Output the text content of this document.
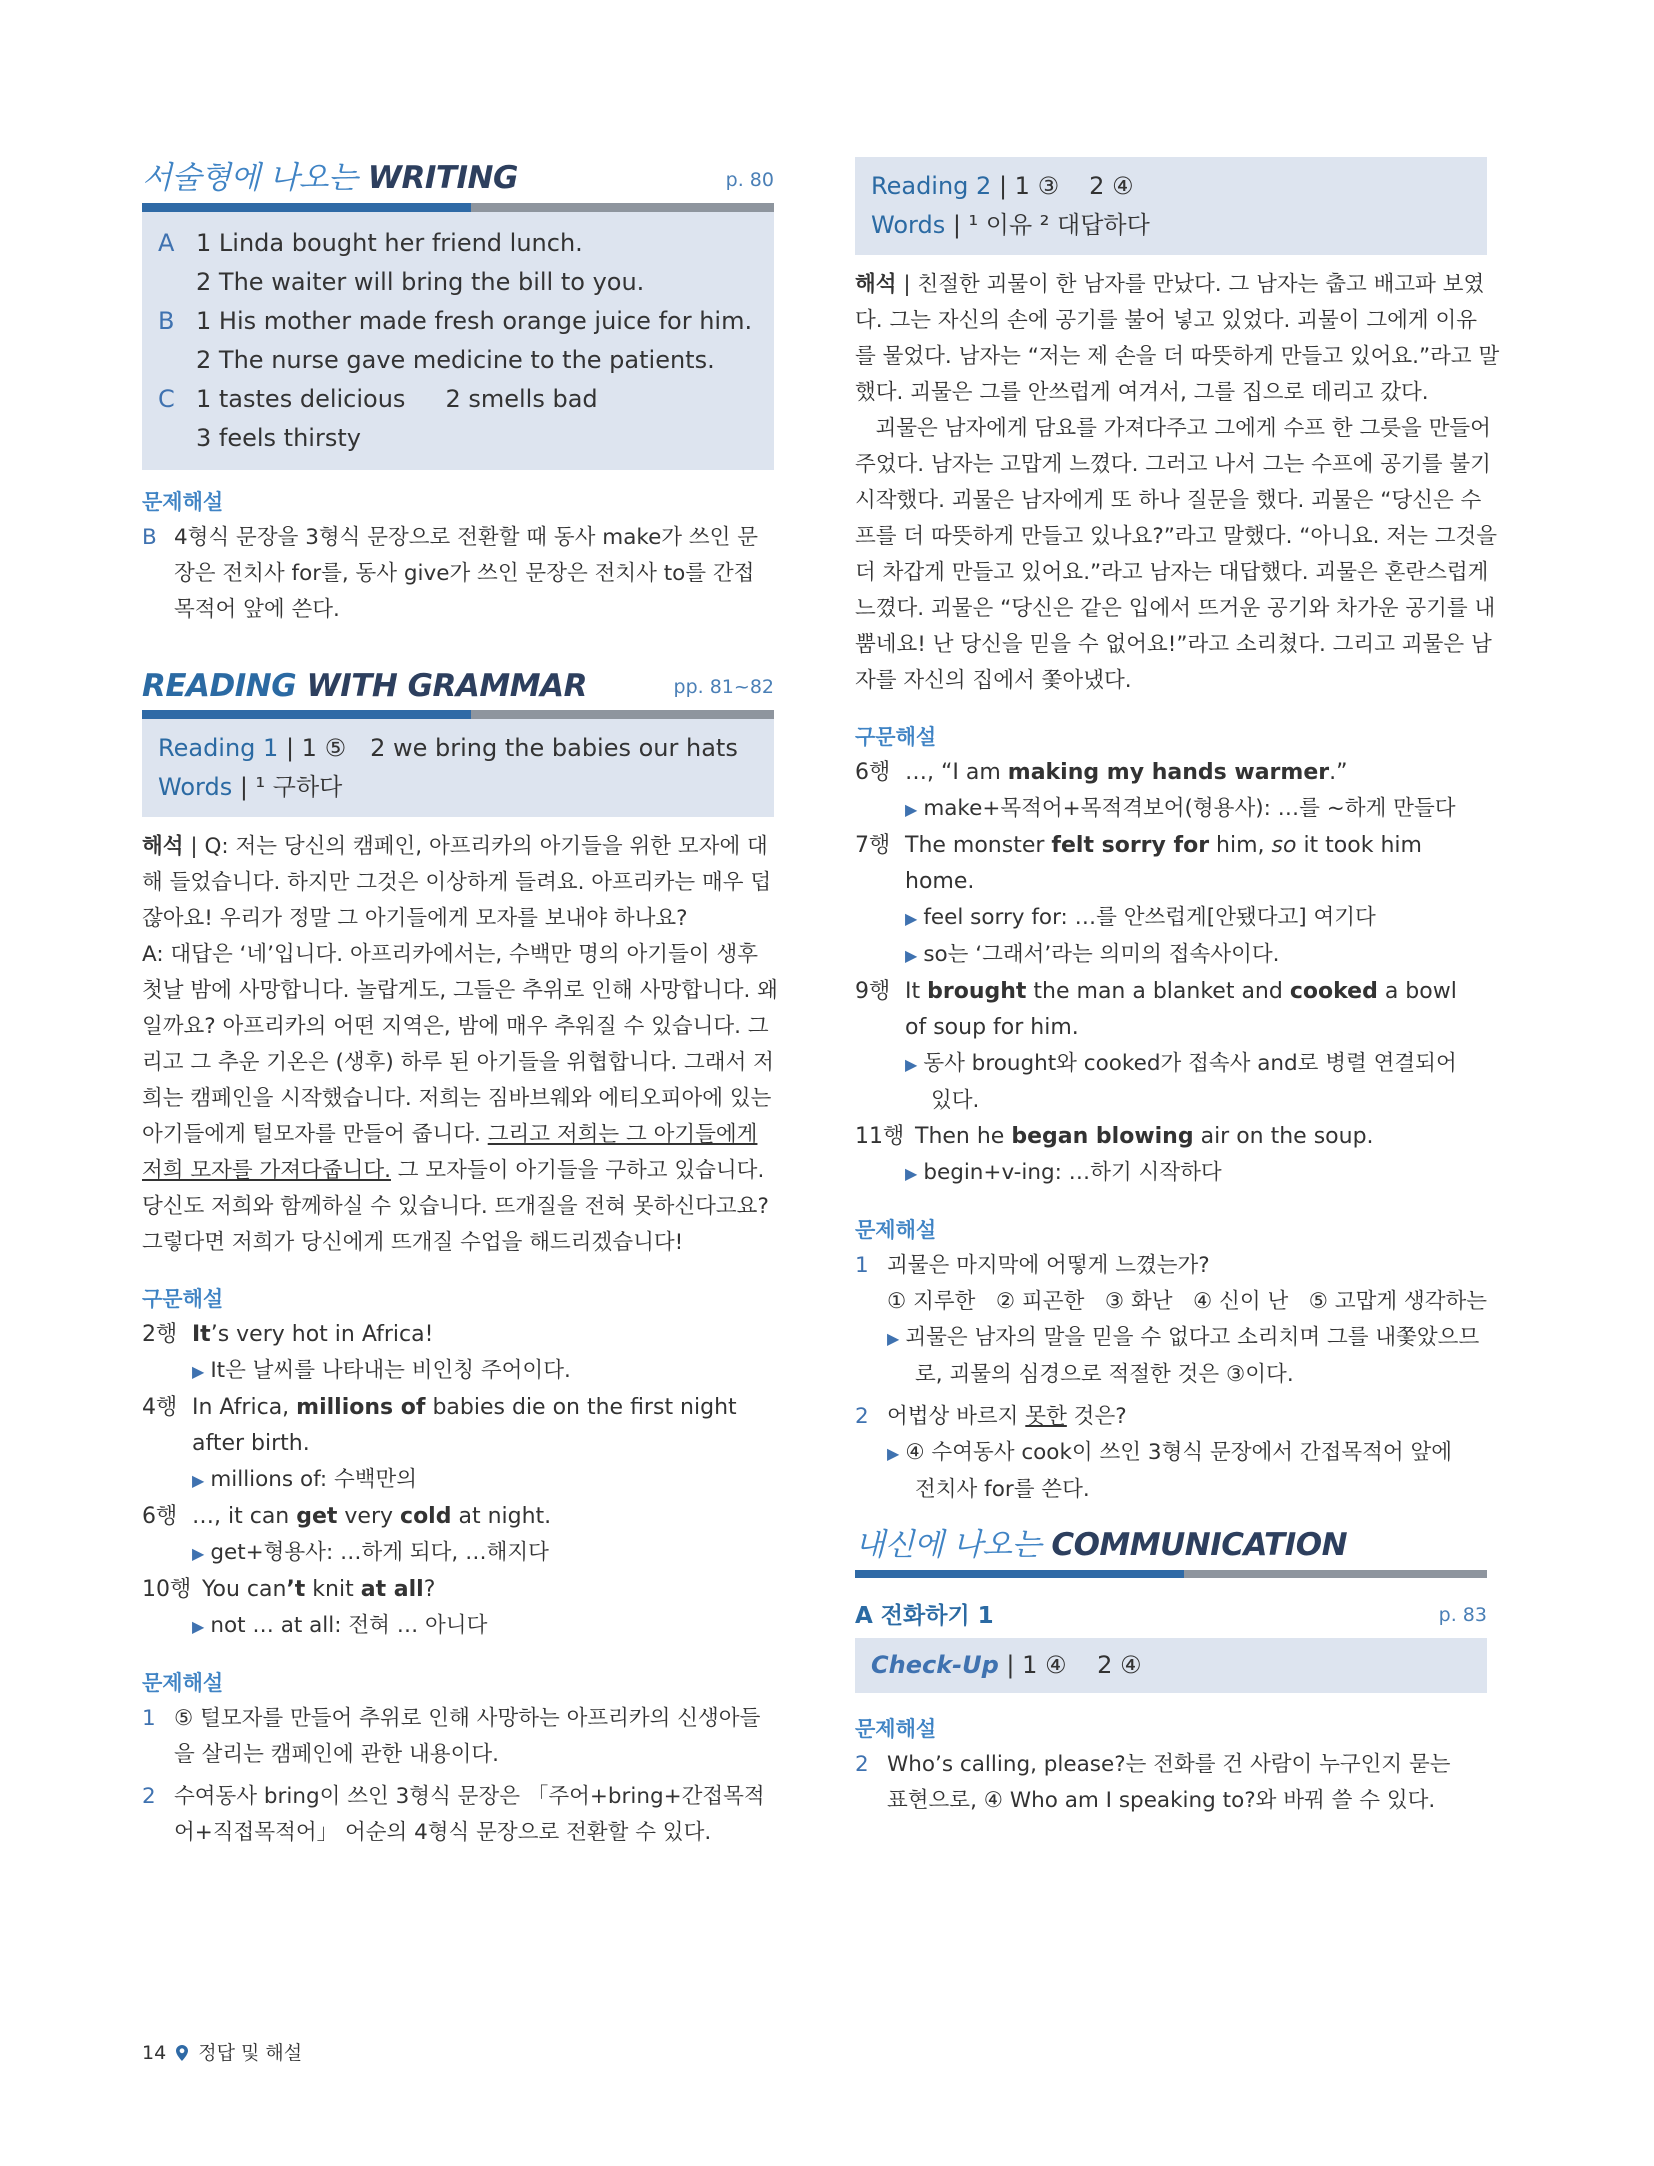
서술형에 나오는 WRITING	p. 80
A 1 Linda bought her friend lunch.
2 The waiter will bring the bill to you.
B 1 His mother made fresh orange juice for him.
2 The nurse gave medicine to the patients.
C 1 tastes delicious 2 smells bad
3 feels thirsty
문제해설
B 4형식 문장을 3형식 문장으로 전환할 때 동사 make가 쓰인 문
장은 전치사 for를, 동사 give가 쓰인 문장은 전치사 to를 간접
목적어 앞에 쓴다.
READING WITH GRAMMAR	pp. 81~82
Reading 1 | 1 ⑤ 2 we bring the babies our hats
Words | ¹ 구하다
해석 | Q: 저는 당신의 캠페인, 아프리카의 아기들을 위한 모자에 대
해 들었습니다. 하지만 그것은 이상하게 들려요. 아프리카는 매우 덥
잖아요! 우리가 정말 그 아기들에게 모자를 보내야 하나요?
A: 대답은 ‘네’입니다. 아프리카에서는, 수백만 명의 아기들이 생후
첫날 밤에 사망합니다. 놀랍게도, 그들은 추위로 인해 사망합니다. 왜
일까요? 아프리카의 어떤 지역은, 밤에 매우 추워질 수 있습니다. 그
리고 그 추운 기온은 (생후) 하루 된 아기들을 위협합니다. 그래서 저
희는 캠페인을 시작했습니다. 저희는 짐바브웨와 에티오피아에 있는
아기들에게 털모자를 만들어 줍니다. 그리고 저희는 그 아기들에게
저희 모자를 가져다줍니다. 그 모자들이 아기들을 구하고 있습니다.
당신도 저희와 함께하실 수 있습니다. 뜨개질을 전혀 못하신다고요?
그렇다면 저희가 당신에게 뜨개질 수업을 해드리겠습니다!
구문해설
2행 It’s very hot in Africa!
▶ It은 날씨를 나타내는 비인칭 주어이다.
4행 In Africa, millions of babies die on the first night
after birth.
▶ millions of: 수백만의
6행 …, it can get very cold at night.
▶ get+형용사: …하게 되다, …해지다
10행 You can’t knit at all?
▶ not … at all: 전혀 … 아니다
문제해설
1 ⑤ 털모자를 만들어 추위로 인해 사망하는 아프리카의 신생아들
을 살리는 캠페인에 관한 내용이다.
2 수여동사 bring이 쓰인 3형식 문장은 「주어+bring+간접목적
어+직접목적어」 어순의 4형식 문장으로 전환할 수 있다.
Reading 2 | 1 ③ 2 ④
Words | ¹ 이유 ² 대답하다
해석 | 친절한 괴물이 한 남자를 만났다. 그 남자는 춥고 배고파 보였
다. 그는 자신의 손에 공기를 불어 넣고 있었다. 괴물이 그에게 이유
를 물었다. 남자는 “저는 제 손을 더 따뜻하게 만들고 있어요.”라고 말
했다. 괴물은 그를 안쓰럽게 여겨서, 그를 집으로 데리고 갔다.
괴물은 남자에게 담요를 가져다주고 그에게 수프 한 그릇을 만들어
주었다. 남자는 고맙게 느꼈다. 그러고 나서 그는 수프에 공기를 불기
시작했다. 괴물은 남자에게 또 하나 질문을 했다. 괴물은 “당신은 수
프를 더 따뜻하게 만들고 있나요?”라고 말했다. “아니요. 저는 그것을
더 차갑게 만들고 있어요.”라고 남자는 대답했다. 괴물은 혼란스럽게
느꼈다. 괴물은 “당신은 같은 입에서 뜨거운 공기와 차가운 공기를 내
뿜네요! 난 당신을 믿을 수 없어요!”라고 소리쳤다. 그리고 괴물은 남
자를 자신의 집에서 쫓아냈다.
구문해설
6행 …, “I am making my hands warmer.”
▶ make+목적어+목적격보어(형용사): …를 ~하게 만들다
7행 The monster felt sorry for him, so it took him
home.
▶ feel sorry for: …를 안쓰럽게[안됐다고] 여기다
▶ so는 ‘그래서’라는 의미의 접속사이다.
9행 It brought the man a blanket and cooked a bowl
of soup for him.
▶ 동사 brought와 cooked가 접속사 and로 병렬 연결되어
있다.
11행 Then he began blowing air on the soup.
▶ begin+v-ing: …하기 시작하다
문제해설
1 괴물은 마지막에 어떻게 느꼈는가?
① 지루한   ② 피곤한   ③ 화난   ④ 신이 난   ⑤ 고맙게 생각하는
▶ 괴물은 남자의 말을 믿을 수 없다고 소리치며 그를 내쫓았으므
로, 괴물의 심경으로 적절한 것은 ③이다.
2 어법상 바르지 못한 것은?
▶ ④ 수여동사 cook이 쓰인 3형식 문장에서 간접목적어 앞에
전치사 for를 쓴다.
내신에 나오는 COMMUNICATION
A 전화하기 1	p. 83
Check-Up | 1 ④    2 ④
문제해설
2 Who’s calling, please?는 전화를 건 사람이 누구인지 묻는
표현으로, ④ Who am I speaking to?와 바꿔 쓸 수 있다.
14 정답 및 해설
